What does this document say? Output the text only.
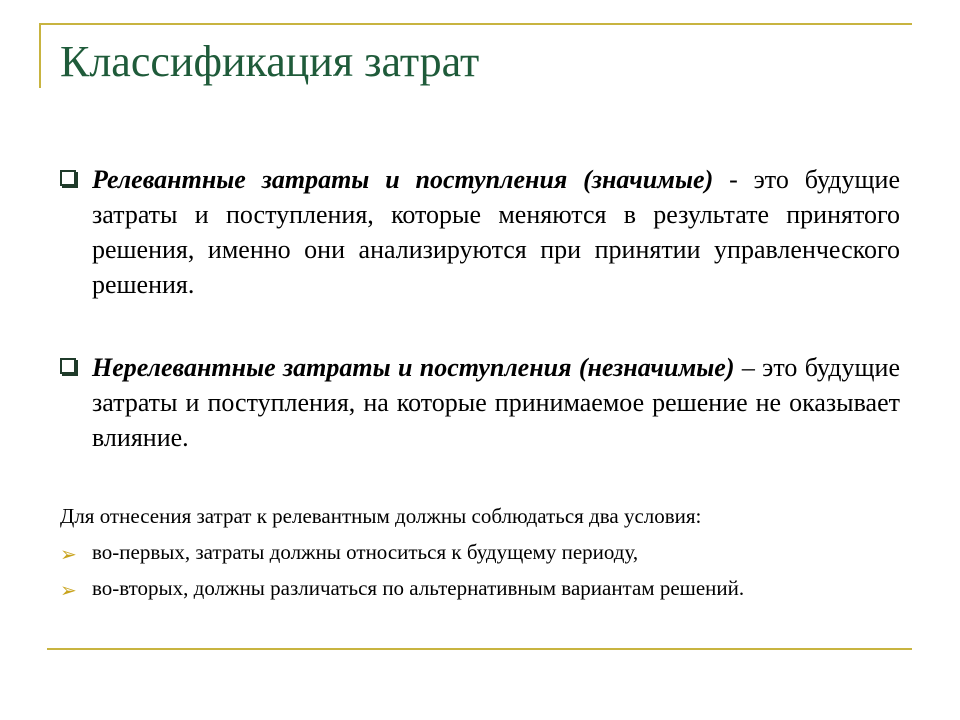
Классификация затрат
Релевантные затраты и поступления (значимые) - это будущие затраты и поступления, которые меняются в результате принятого решения, именно они анализируются при принятии управленческого решения.
Нерелевантные затраты и поступления (незначимые) – это будущие затраты и поступления, на которые принимаемое решение не оказывает влияние.
Для отнесения затрат к релевантным должны соблюдаться два условия:
➢ во-первых, затраты должны относиться к будущему периоду,
➢ во-вторых, должны различаться по альтернативным вариантам решений.
